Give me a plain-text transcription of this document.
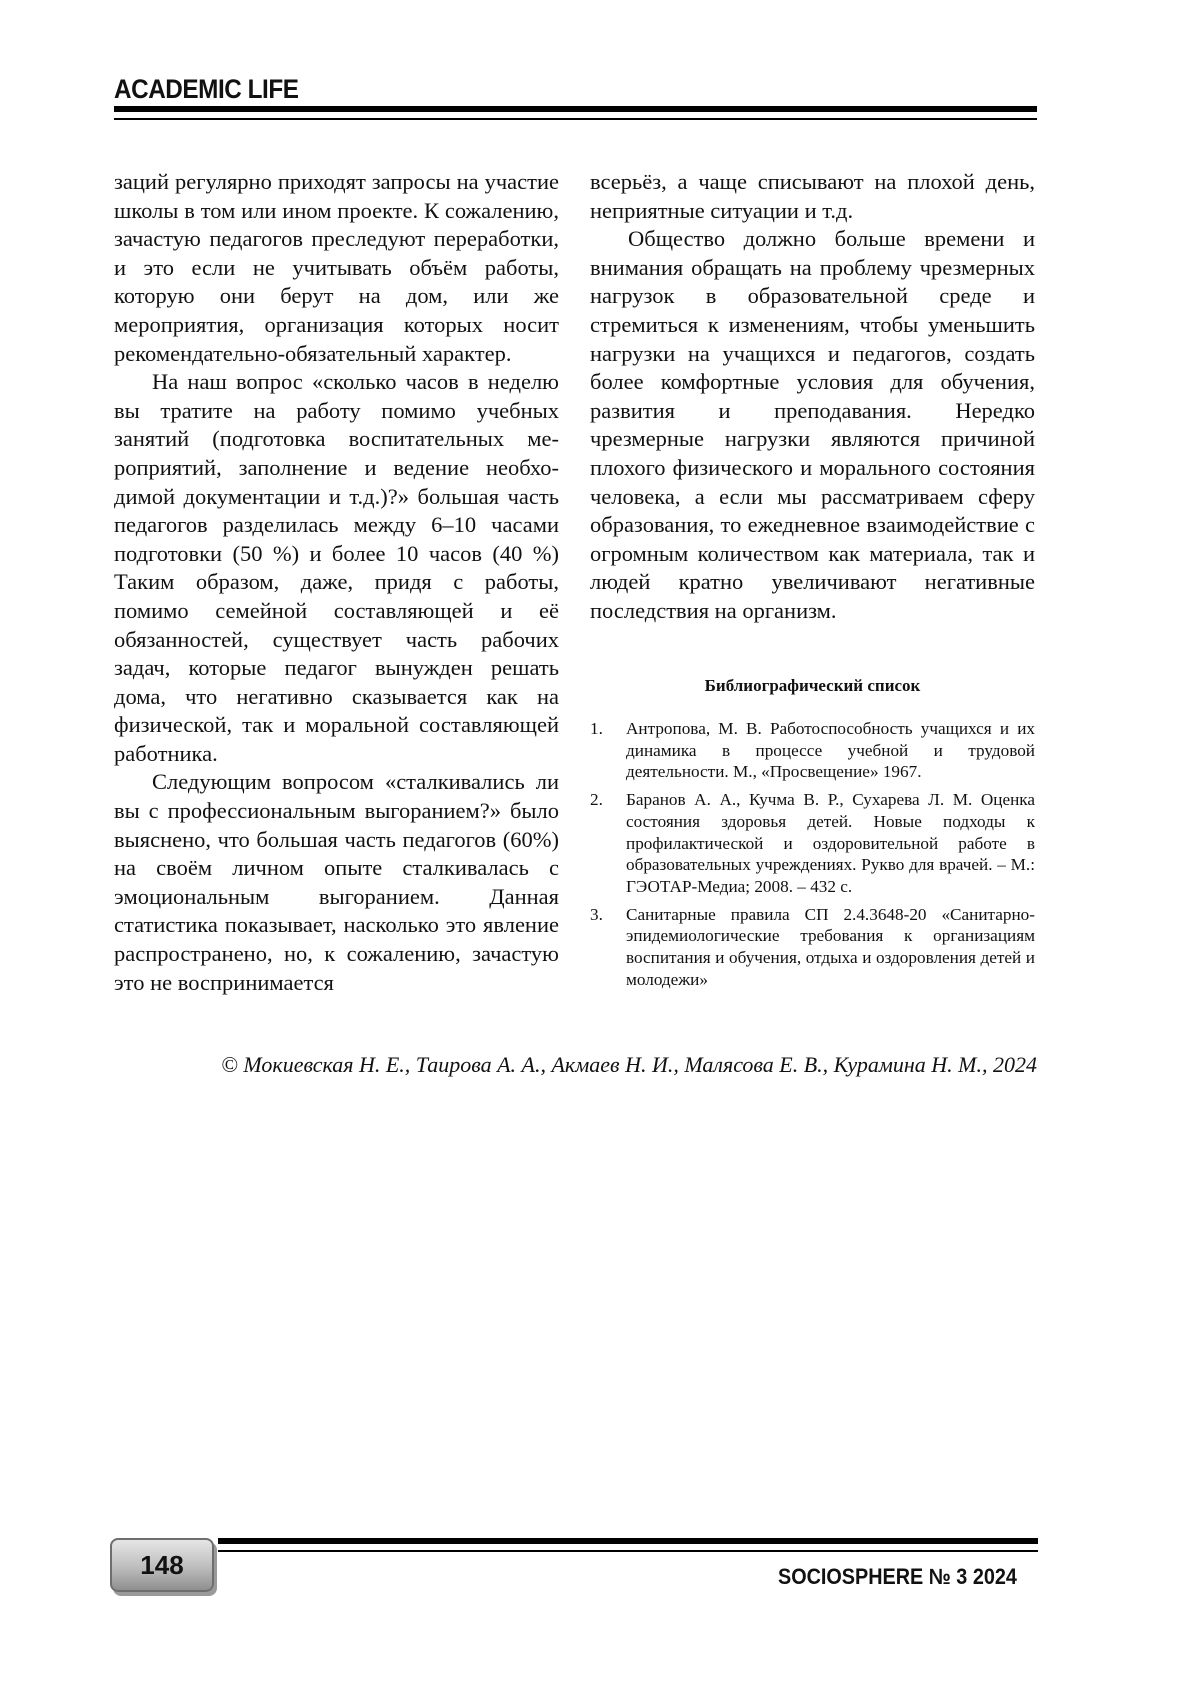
ACADEMIC LIFE

заций регулярно приходят запросы на участие школы в том или ином проекте. К сожалению, зачастую педагогов преследуют переработки, и это если не учитывать объём работы, которую они берут на дом, или же мероприятия, организация которых носит рекомендательно-обязательный характер.

На наш вопрос «сколько часов в неделю вы тратите на работу помимо учебных занятий (подготовка воспитательных мероприятий, заполнение и ведение необходимой документации и т.д.)?» большая часть педагогов разделилась между 6–10 часами подготовки (50 %) и более 10 часов (40 %) Таким образом, даже, придя с работы, помимо семейной составляющей и её обязанностей, существует часть рабочих задач, которые педагог вынужден решать дома, что негативно сказывается как на физической, так и моральной составляющей работника.

Следующим вопросом «сталкивались ли вы с профессиональным выгоранием?» было выяснено, что большая часть педагогов (60%) на своём личном опыте сталкивалась с эмоциональным выгоранием. Данная статистика показывает, насколько это явление распространено, но, к сожалению, зачастую это не воспринимается

всерьёз, а чаще списывают на плохой день, неприятные ситуации и т.д.

Общество должно больше времени и внимания обращать на проблему чрезмерных нагрузок в образовательной среде и стремиться к изменениям, чтобы уменьшить нагрузки на учащихся и педагогов, создать более комфортные условия для обучения, развития и преподавания. Нередко чрезмерные нагрузки являются причиной плохого физического и морального состояния человека, а если мы рассматриваем сферу образования, то ежедневное взаимодействие с огромным количеством как материала, так и людей кратно увеличивают негативные последствия на организм.

Библиографический список
1.	Антропова, М. В. Работоспособность учащихся и их динамика в процессе учебной и трудовой деятельности. М., «Просвещение» 1967.
2.	Баранов А. А., Кучма В. Р., Сухарева Л. М. Оценка состояния здоровья детей. Новые подходы к профилактической и оздоровительной работе в образовательных учреждениях. Рукво для врачей. – М.: ГЭОТАР-Медиа; 2008. – 432 с.
3.	Санитарные правила СП 2.4.3648-20 «Санитарно-эпидемиологические требования к организациям воспитания и обучения, отдыха и оздоровления детей и молодежи»
© Мокиевская Н. Е., Таирова А. А., Акмаев Н. И., Малясова Е. В., Курамина Н. М., 2024
148	SOCIOSPHERE № 3 2024
